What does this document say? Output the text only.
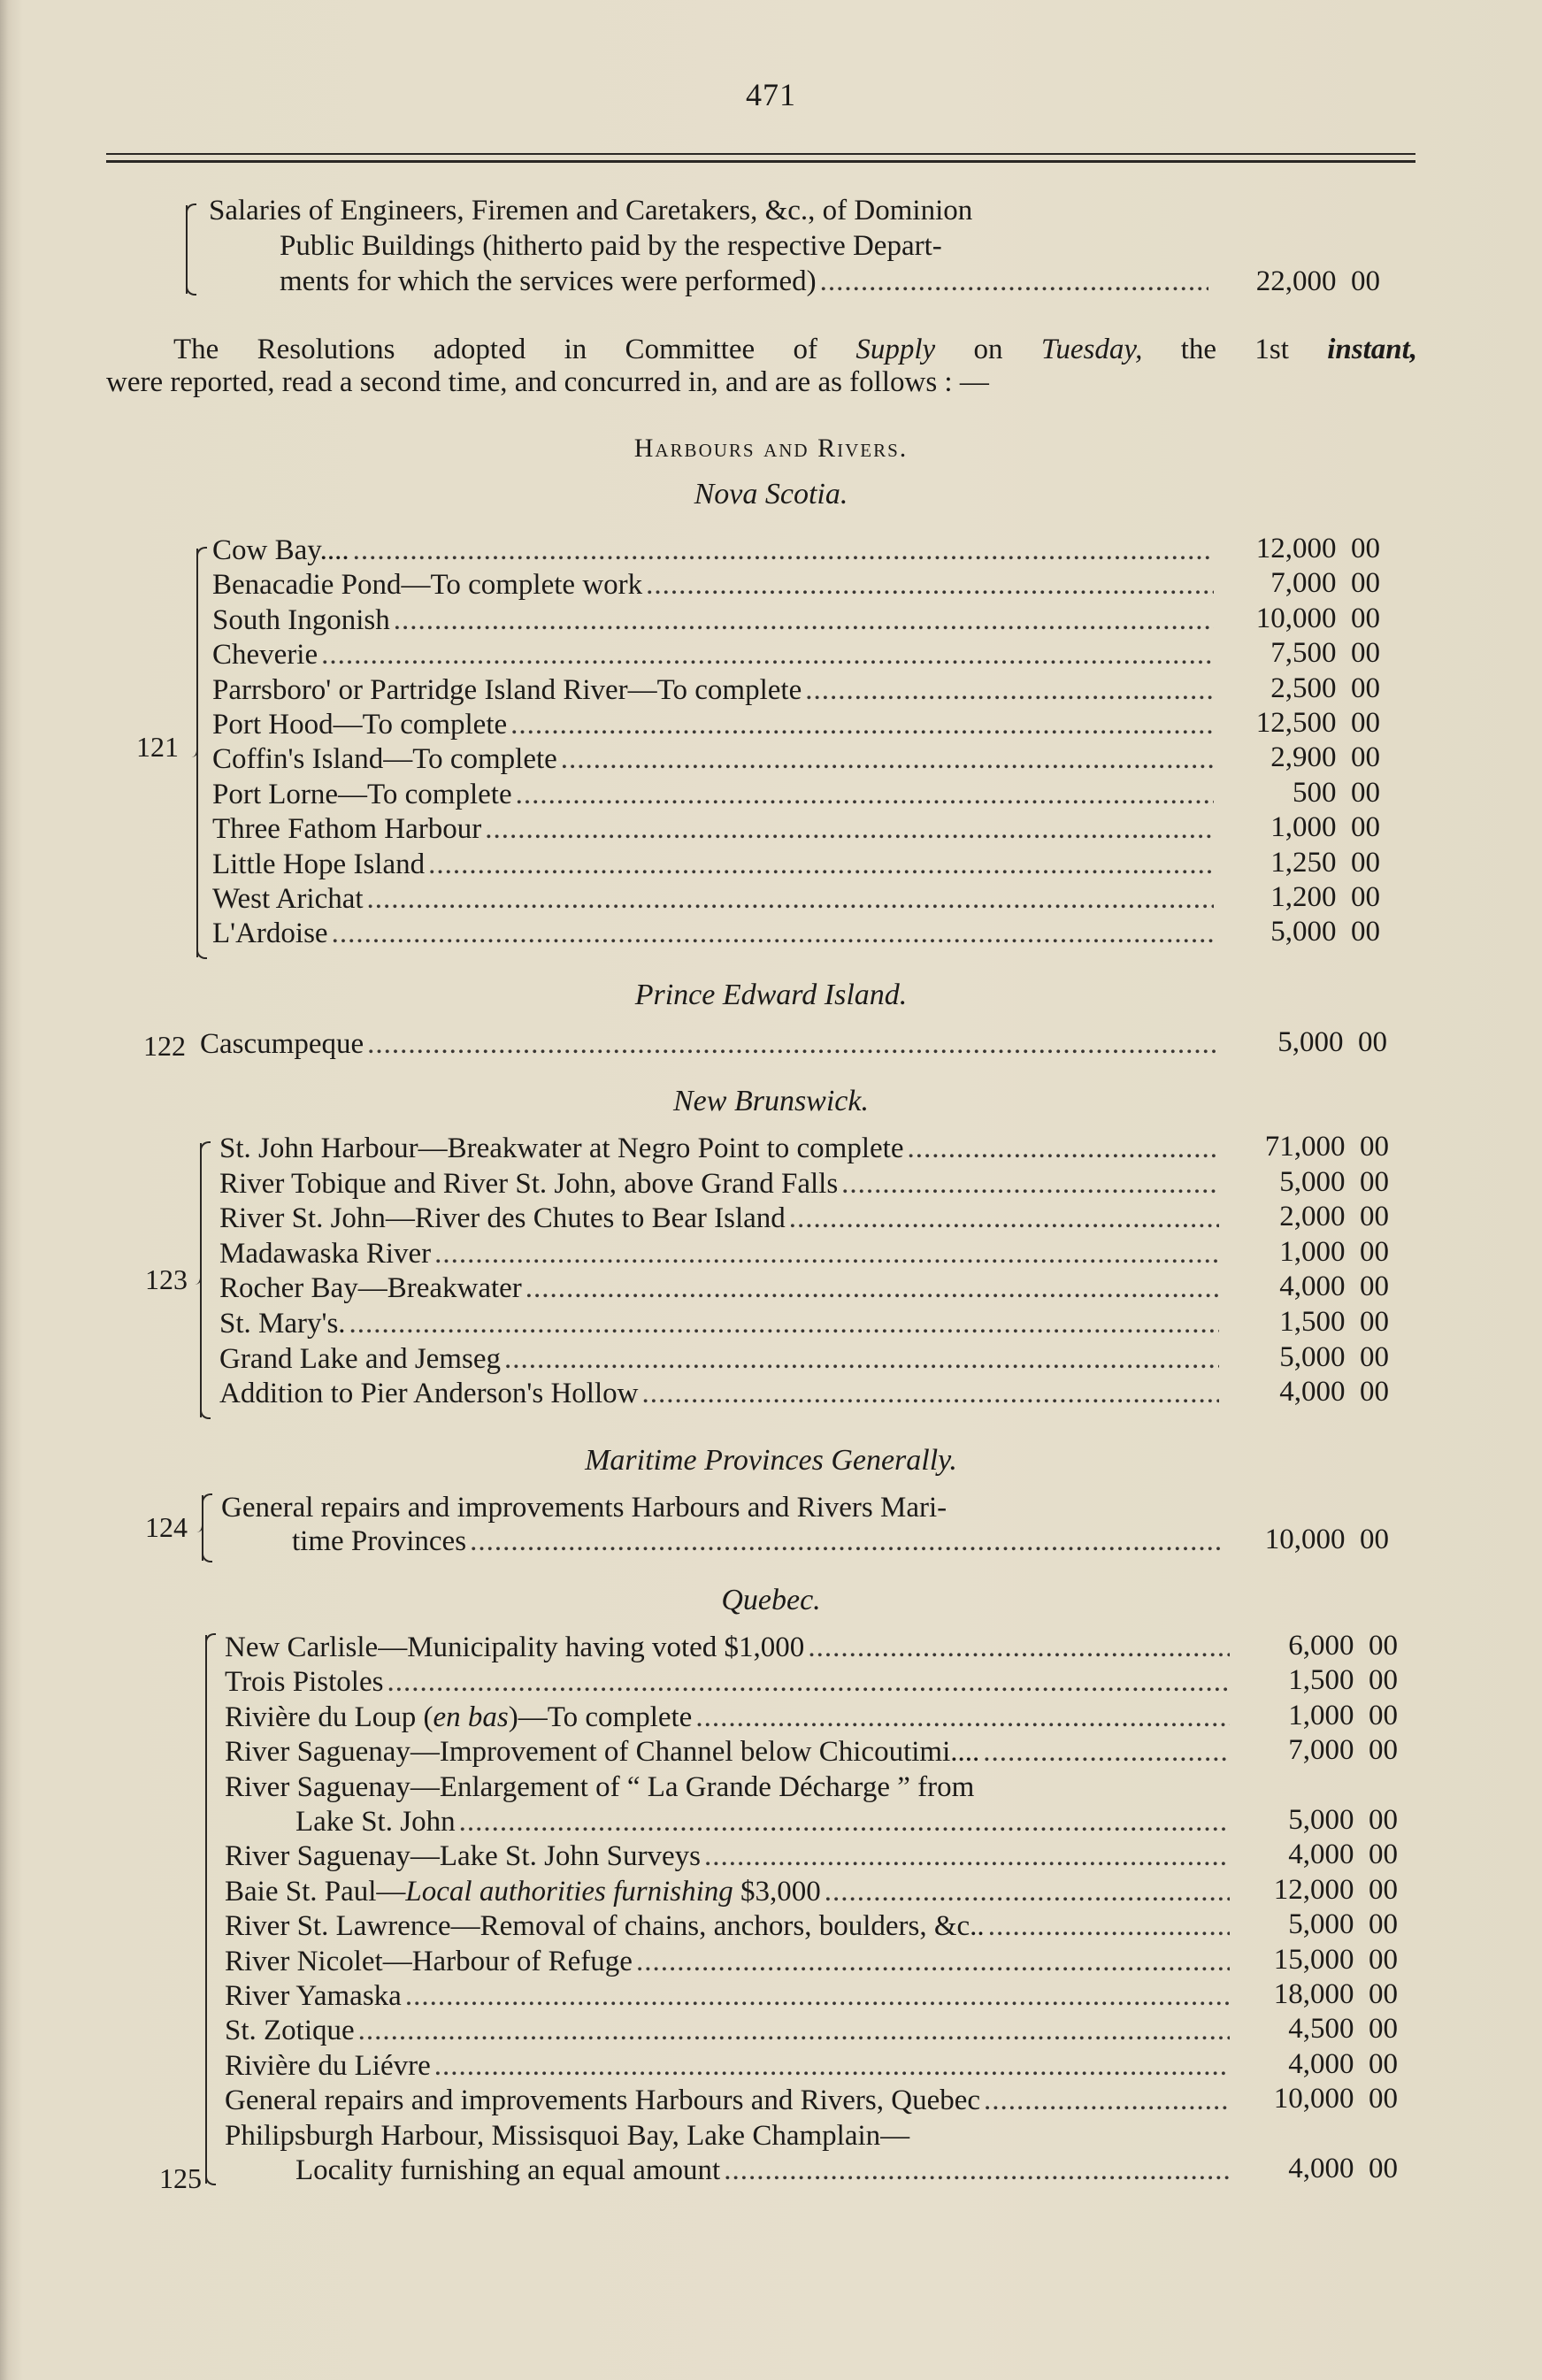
471
Salaries of Engineers, Firemen and Caretakers, &c., of Dominion
Public Buildings (hitherto paid by the respective Depart-
ments for which the services were performed) .....	22,000 00
The Resolutions adopted in Committee of Supply on Tuesday, the 1st instant,
were reported, read a second time, and concurred in, and are as follows : —
Harbours and Rivers.
Nova Scotia.
121
Prince Edward Island.
122 Cascumpeque .....	5,000 00
New Brunswick.
123
Maritime Provinces Generally.
124
General repairs and improvements Harbours and Rivers Mari-
time Provinces .....	10,000 00
Quebec.
125
Cow Bay.... .....	12,000 00
Benacadie Pond—To complete work .....	7,000 00
South Ingonish .....	10,000 00
Cheverie .....	7,500 00
Parrsboro' or Partridge Island River—To complete .....	2,500 00
Port Hood—To complete .....	12,500 00
Coffin's Island—To complete .....	2,900 00
Port Lorne—To complete .....	500 00
Three Fathom Harbour .....	1,000 00
Little Hope Island .....	1,250 00
West Arichat .....	1,200 00
L'Ardoise .....	5,000 00
St. John Harbour—Breakwater at Negro Point to complete .....	71,000 00
River Tobique and River St. John, above Grand Falls .....	5,000 00
River St. John—River des Chutes to Bear Island .....	2,000 00
Madawaska River .....	1,000 00
Rocher Bay—Breakwater .....	4,000 00
St. Mary's. .....	1,500 00
Grand Lake and Jemseg .....	5,000 00
Addition to Pier Anderson's Hollow .....	4,000 00
New Carlisle—Municipality having voted $1,000 .....	6,000 00
Trois Pistoles .....	1,500 00
Rivière du Loup (en bas)—To complete .....	1,000 00
River Saguenay—Improvement of Channel below Chicoutimi.... .....	7,000 00
River Saguenay—Enlargement of “ La Grande Décharge ” from
Lake St. John .....	5,000 00
River Saguenay—Lake St. John Surveys .....	4,000 00
Baie St. Paul—Local authorities furnishing $3,000 .....	12,000 00
River St. Lawrence—Removal of chains, anchors, boulders, &c.. .....	5,000 00
River Nicolet—Harbour of Refuge .....	15,000 00
River Yamaska .....	18,000 00
St. Zotique .....	4,500 00
Rivière du Liévre .....	4,000 00
General repairs and improvements Harbours and Rivers, Quebec .....	10,000 00
Philipsburgh Harbour, Missisquoi Bay, Lake Champlain—
Locality furnishing an equal amount .....	4,000 00
